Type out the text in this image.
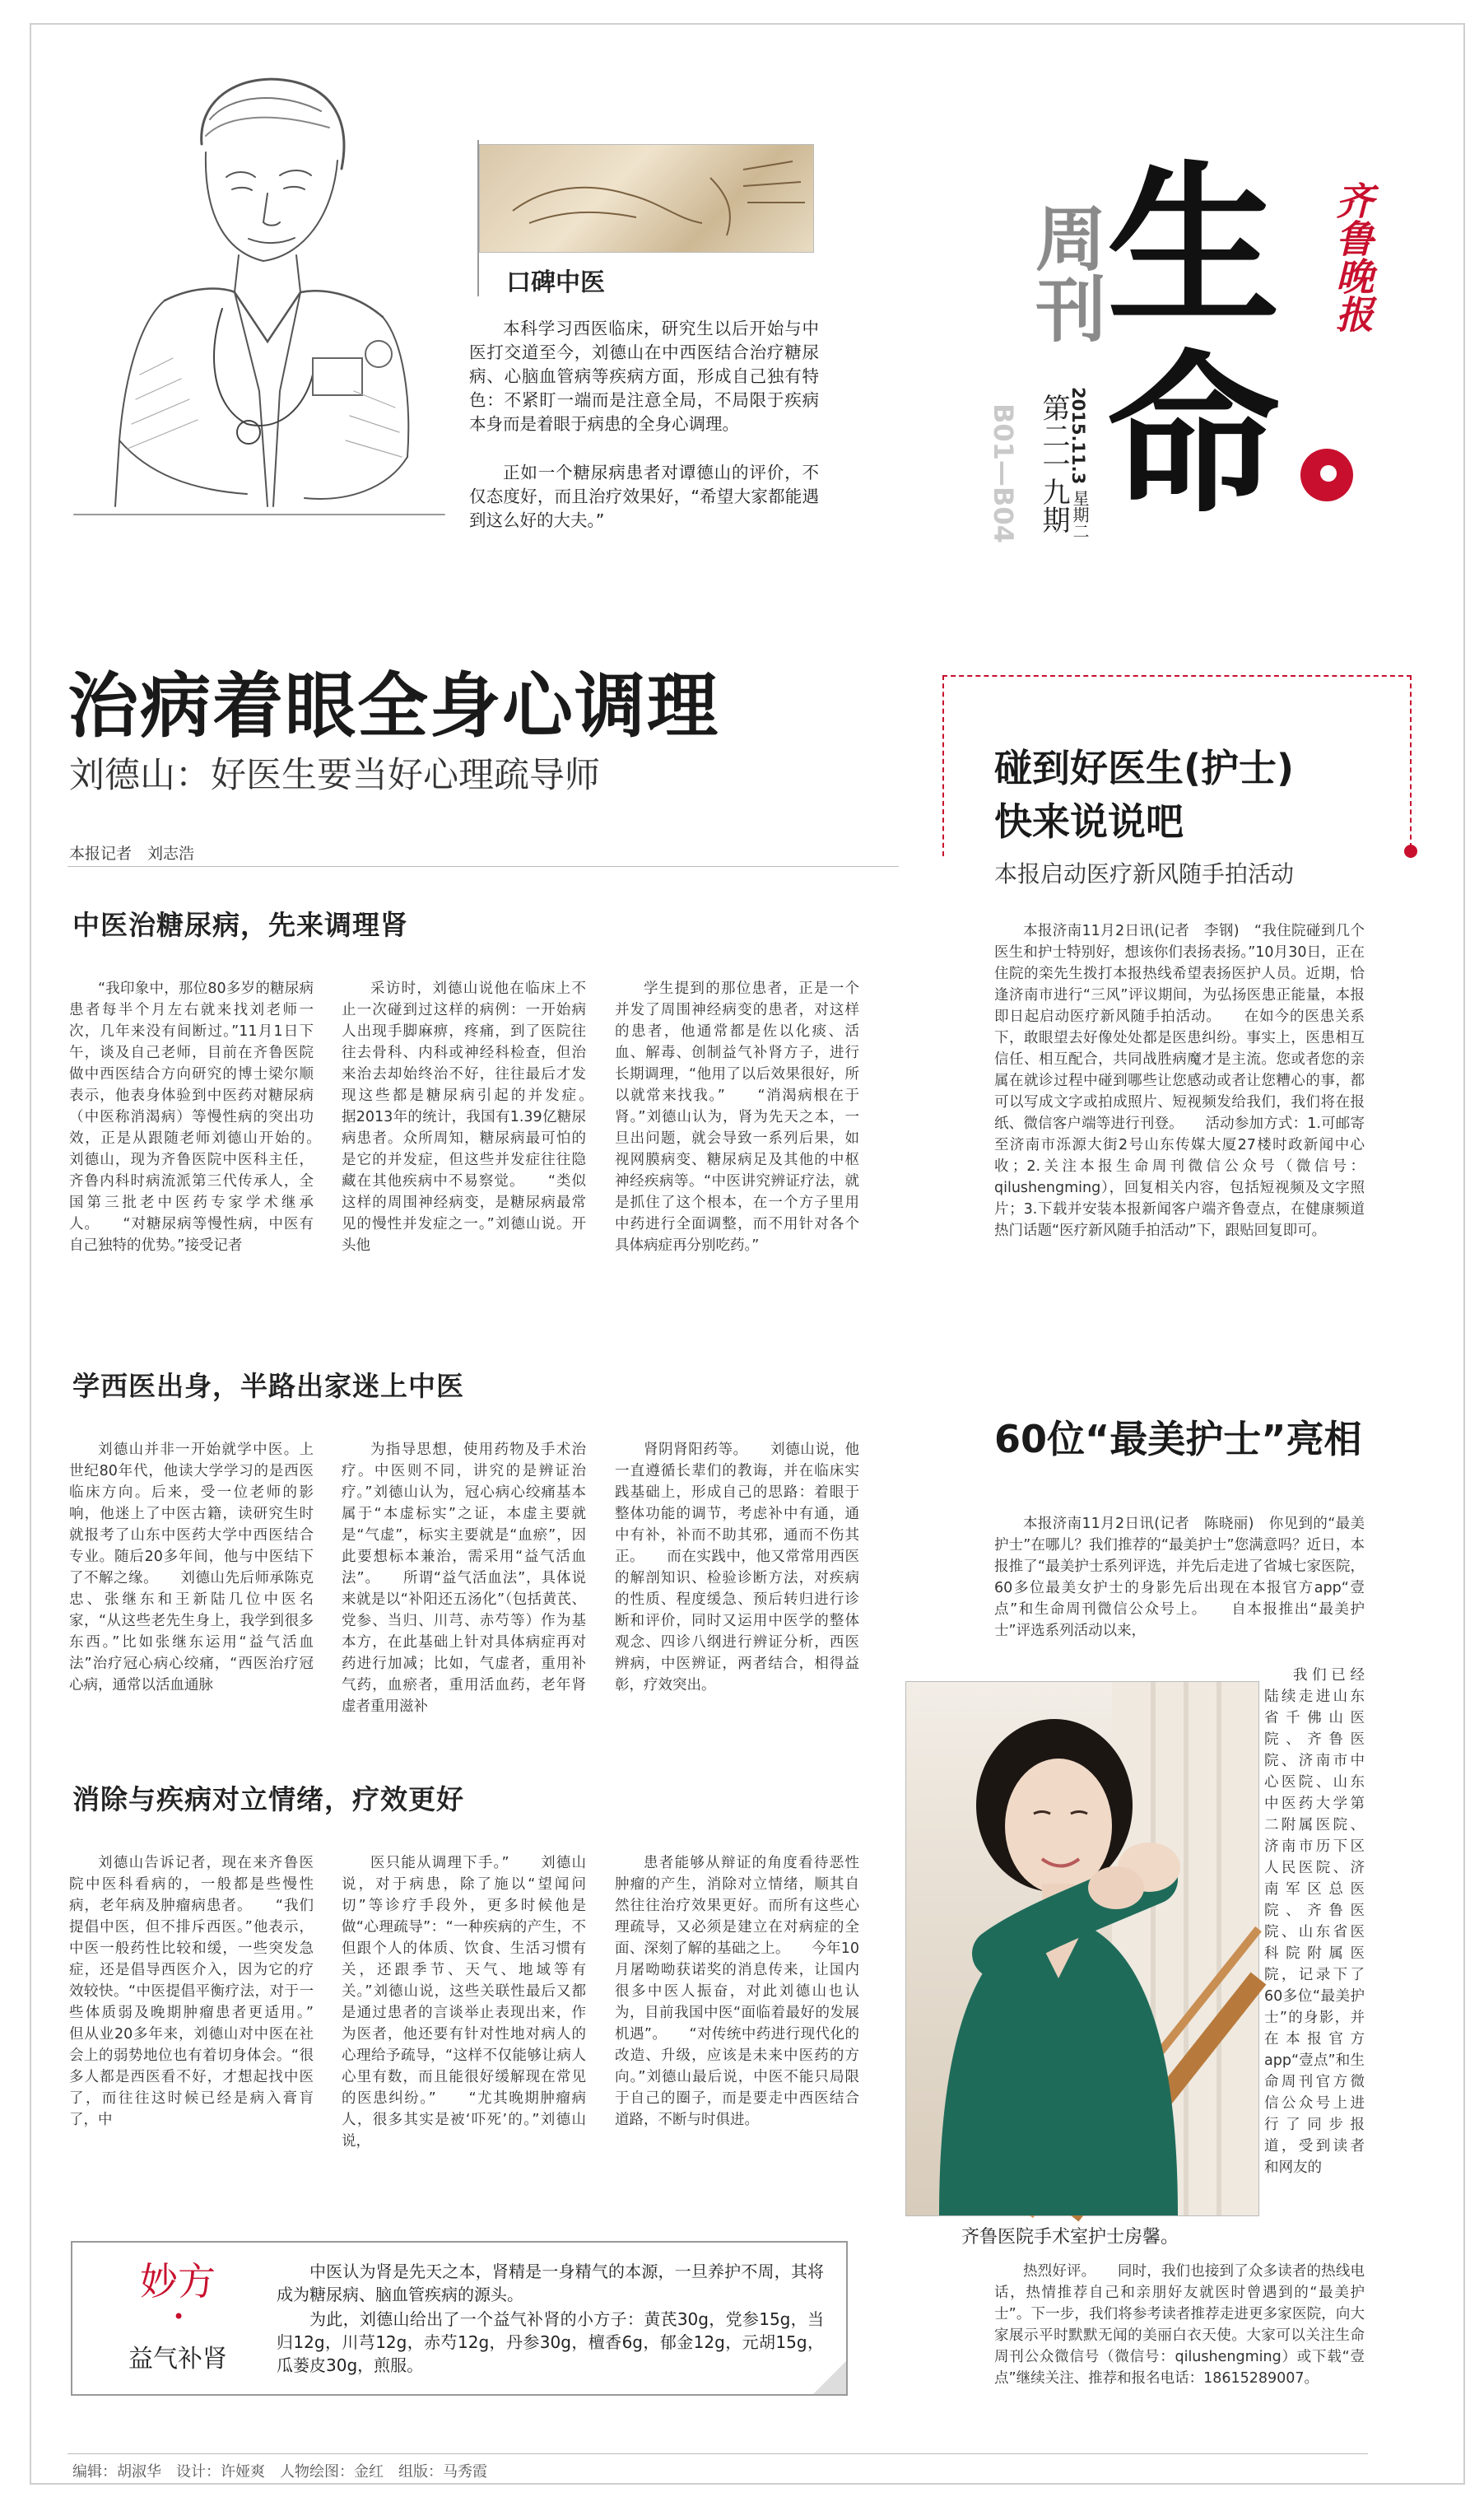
口碑中医
本科学习西医临床，研究生以后开始与中医打交道至今，刘德山在中西医结合治疗糖尿病、心脑血管病等疾病方面，形成自己独有特色：不紧盯一端而是注意全局，不局限于疾病本身而是着眼于病患的全身心调理。
正如一个糖尿病患者对谭德山的评价，不仅态度好，而且治疗效果好，“希望大家都能遇到这么好的大夫。”
生
命
齐鲁晚报
周刊
2015.11.3
星期二
第二一九期
B01—B04
治病着眼全身心调理
刘德山：好医生要当好心理疏导师
本报记者　刘志浩
中医治糖尿病，先来调理肾

“我印象中，那位80多岁的糖尿病患者每半个月左右就来找刘老师一次，几年来没有间断过。”11月1日下午，谈及自己老师，目前在齐鲁医院做中西医结合方向研究的博士梁尔顺表示，他表身体验到中医药对糖尿病（中医称消渴病）等慢性病的突出功效，正是从跟随老师刘德山开始的。　　刘德山，现为齐鲁医院中医科主任，齐鲁内科时病流派第三代传承人，全国第三批老中医药专家学术继承人。　　“对糖尿病等慢性病，中医有自己独特的优势。”接受记者

采访时，刘德山说他在临床上不止一次碰到过这样的病例：一开始病人出现手脚麻痹，疼痛，到了医院往往去骨科、内科或神经科检查，但治来治去却始终治不好，往往最后才发现这些都是糖尿病引起的并发症。　　据2013年的统计，我国有1.39亿糖尿病患者。众所周知，糖尿病最可怕的是它的并发症，但这些并发症往往隐藏在其他疾病中不易察觉。　　“类似这样的周围神经病变，是糖尿病最常见的慢性并发症之一。”刘德山说。开头他

学生提到的那位患者，正是一个并发了周围神经病变的患者，对这样的患者，他通常都是佐以化痰、活血、解毒、创制益气补肾方子，进行长期调理，“他用了以后效果很好，所以就常来找我。”　　“消渴病根在于肾。”刘德山认为，肾为先天之本，一旦出问题，就会导致一系列后果，如视网膜病变、糖尿病足及其他的中枢神经疾病等。“中医讲究辨证疗法，就是抓住了这个根本，在一个方子里用中药进行全面调整，而不用针对各个具体病症再分别吃药。”

学西医出身，半路出家迷上中医

刘德山并非一开始就学中医。上世纪80年代，他读大学学习的是西医临床方向。后来，受一位老师的影响，他迷上了中医古籍，读研究生时就报考了山东中医药大学中西医结合专业。随后20多年间，他与中医结下了不解之缘。　　刘德山先后师承陈克忠、张继东和王新陆几位中医名家，“从这些老先生身上，我学到很多东西。”比如张继东运用“益气活血法”治疗冠心病心绞痛，“西医治疗冠心病，通常以活血通脉

为指导思想，使用药物及手术治疗。中医则不同，讲究的是辨证治疗。”刘德山认为，冠心病心绞痛基本属于“本虚标实”之证，本虚主要就是“气虚”，标实主要就是“血瘀”，因此要想标本兼治，需采用“益气活血法”。　　所谓“益气活血法”，具体说来就是以“补阳还五汤化”（包括黄芪、党参、当归、川芎、赤芍等）作为基本方，在此基础上针对具体病症再对药进行加减；比如，气虚者，重用补气药，血瘀者，重用活血药，老年肾虚者重用滋补

肾阴肾阳药等。　　刘德山说，他一直遵循长辈们的教诲，并在临床实践基础上，形成自己的思路：着眼于整体功能的调节，考虑补中有通，通中有补，补而不助其邪，通而不伤其正。　　而在实践中，他又常常用西医的解剖知识、检验诊断方法，对疾病的性质、程度缓急、预后转归进行诊断和评价，同时又运用中医学的整体观念、四诊八纲进行辨证分析，西医辨病，中医辨证，两者结合，相得益彰，疗效突出。

消除与疾病对立情绪，疗效更好

刘德山告诉记者，现在来齐鲁医院中医科看病的，一般都是些慢性病，老年病及肿瘤病患者。　　“我们提倡中医，但不排斥西医。”他表示，中医一般药性比较和缓，一些突发急症，还是倡导西医介入，因为它的疗效较快。“中医提倡平衡疗法，对于一些体质弱及晚期肿瘤患者更适用。”　　但从业20多年来，刘德山对中医在社会上的弱势地位也有着切身体会。“很多人都是西医看不好，才想起找中医了，而往往这时候已经是病入膏肓了，中

医只能从调理下手。”　　刘德山说，对于病患，除了施以“望闻问切”等诊疗手段外，更多时候他是做“心理疏导”：“一种疾病的产生，不但跟个人的体质、饮食、生活习惯有关，还跟季节、天气、地域等有关。”刘德山说，这些关联性最后又都是通过患者的言谈举止表现出来，作为医者，他还要有针对性地对病人的心理给予疏导，“这样不仅能够让病人心里有数，而且能很好缓解现在常见的医患纠纷。”　　“尤其晚期肿瘤病人，很多其实是被‘吓死’的。”刘德山说，

患者能够从辩证的角度看待恶性肿瘤的产生，消除对立情绪，顺其自然往往治疗效果更好。而所有这些心理疏导，又必须是建立在对病症的全面、深刻了解的基础之上。　　今年10月屠呦呦获诺奖的消息传来，让国内很多中医人振奋，对此刘德山也认为，目前我国中医“面临着最好的发展机遇”。　　“对传统中药进行现代化的改造、升级，应该是未来中医药的方向。”刘德山最后说，中医不能只局限于自己的圈子，而是要走中西医结合道路，不断与时俱进。

妙方
•
益气补肾
中医认为肾是先天之本，肾精是一身精气的本源，一旦养护不周，其将成为糖尿病、脑血管疾病的源头。
为此，刘德山给出了一个益气补肾的小方子：黄芪30g，党参15g，当归12g，川芎12g，赤芍12g，丹参30g，檀香6g，郁金12g，元胡15g，瓜蒌皮30g，煎服。
碰到好医生(护士)
快来说说吧
本报启动医疗新风随手拍活动

本报济南11月2日讯(记者　李钢)　“我住院碰到几个医生和护士特别好，想该你们表扬表扬。”10月30日，正在住院的栾先生拨打本报热线希望表扬医护人员。近期，恰逢济南市进行“三风”评议期间，为弘扬医患正能量，本报即日起启动医疗新风随手拍活动。　　在如今的医患关系下，敢眼望去好像处处都是医患纠纷。事实上，医患相互信任、相互配合，共同战胜病魔才是主流。您或者您的亲属在就诊过程中碰到哪些让您感动或者让您糟心的事，都可以写成文字或拍成照片、短视频发给我们，我们将在报纸、微信客户端等进行刊登。　　活动参加方式：1.可邮寄至济南市泺源大街2号山东传媒大厦27楼时政新闻中心收；2.关注本报生命周刊微信公众号（微信号：qilushengming），回复相关内容，包括短视频及文字照片；3.下载并安装本报新闻客户端齐鲁壹点，在健康频道热门话题“医疗新风随手拍活动”下，跟贴回复即可。

60位“最美护士”亮相

本报济南11月2日讯(记者　陈晓丽)　你见到的“最美护士”在哪儿？我们推荐的“最美护士”您满意吗？近日，本报推了“最美护士系列评选，并先后走进了省城七家医院，60多位最美女护士的身影先后出现在本报官方app“壹点”和生命周刊微信公众号上。　　自本报推出“最美护士”评选系列活动以来，

齐鲁医院手术室护士房馨。

我们已经陆续走进山东省千佛山医院、齐鲁医院、济南市中心医院、山东中医药大学第二附属医院、济南市历下区人民医院、济南军区总医院、齐鲁医院、山东省医科院附属医院，记录下了60多位“最美护士”的身影，并在本报官方app“壹点”和生命周刊官方微信公众号上进行了同步报道，受到读者和网友的

热烈好评。　　同时，我们也接到了众多读者的热线电话，热情推荐自己和亲朋好友就医时曾遇到的“最美护士”。下一步，我们将参考读者推荐走进更多家医院，向大家展示平时默默无闻的美丽白衣天使。大家可以关注生命周刊公众微信号（微信号：qilushengming）或下载“壹点”继续关注、推荐和报名电话：18615289007。

编辑：胡淑华　设计：许娅爽　人物绘图：金红　组版：马秀霞
